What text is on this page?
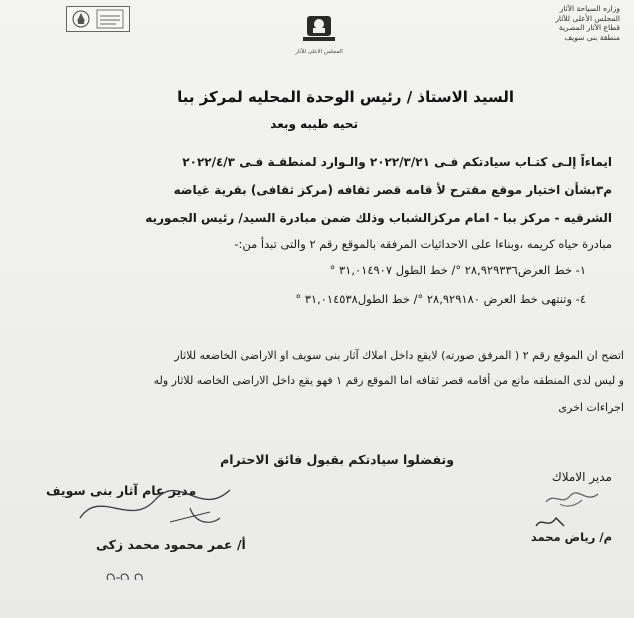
المجلس الاعلى للآثار
وزاره السياحة الآثار
المجلس الأعلى للآثار
قطاع الآثار المصرية
منطقة بنى سويف
السيد الاستاذ / رئيس الوحدة المحليه لمركز ببا
تحيه طيبه وبعد
ايماءاً إلـى كتـاب سيادتكم فـى ٢٠٢٢/٣/٢١ والـوارد لمنطقـة فـى ٢٠٢٢/٤/٣
م٣بشأن اختيار موقع مقترح لأ قامه قصر ثقافه (مركز ثقافى) بقرية غياضه
الشرقيه - مركز ببا - امام مركزالشباب وذلك ضمن مبادرة السيد/ رئيس الجموريه
مبادرة حياه كريمه ،وبناءا على الاحداثيات المرفقه بالموقع رقم ٢ والتى تبدأ من:-
١- خط العرض٢٨,٩٢٩٣٣٦ °/ خط الطول ٣١,٠١٤٩٠٧ °
٤- وتنتهى خط العرض ٢٨,٩٢٩١٨٠ °/ خط الطول٣١,٠١٤٥٣٨ °
اتضح ان الموقع رقم ٢ ( المرفق صورته) لايقع داخل املاك آثار بنى سويف او الاراضى الخاضعه للاثار
و ليس لدى المنطقه مانع من أقامه قصر ثقافه اما الموقع رقم ١ فهو يقع داخل الاراضى الخاصه للاثار وله
اجراءات اخرى
وتفضلوا سيادتكم بقبول فائق الاحترام
مدير الاملاك
م/ رياض محمد
مدير عام آثار بنى سويف
أ/ عمر محمود محمد زكى
